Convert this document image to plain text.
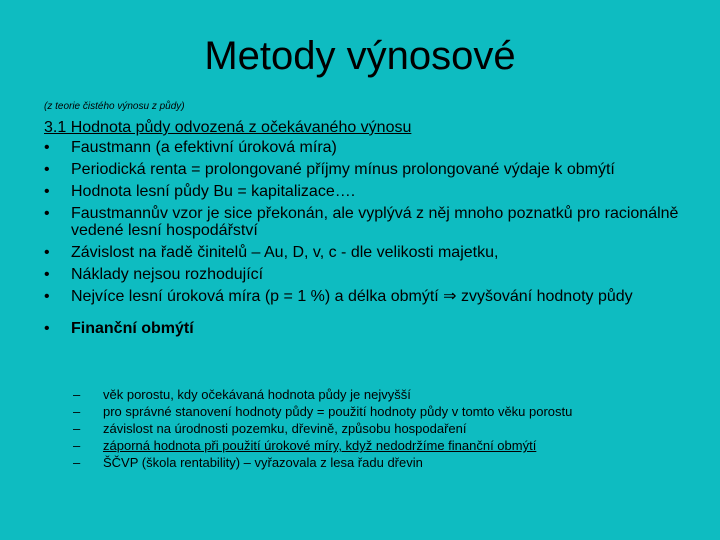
Metody výnosové
(z teorie čistého výnosu z půdy)
3.1 Hodnota půdy odvozená z očekávaného výnosu
• Faustmann (a efektivní úroková míra)
• Periodická renta = prolongované příjmy mínus prolongované výdaje k obmýtí
• Hodnota lesní půdy Bu = kapitalizace….
• Faustmannův vzor je sice překonán, ale vyplývá z něj mnoho poznatků pro racionálně vedené lesní hospodářství
• Závislost na řadě činitelů – Au, D, v, c - dle velikosti majetku,
• Náklady nejsou rozhodující
• Nejvíce lesní úroková míra (p = 1 %) a délka obmýtí ⇒ zvyšování hodnoty půdy
• Finanční obmýtí
– věk porostu, kdy očekávaná hodnota půdy je nejvyšší
– pro správné stanovení hodnoty půdy = použití hodnoty půdy v tomto věku porostu
– závislost na úrodnosti pozemku, dřevině, způsobu hospodaření
– záporná hodnota při použití úrokové míry, když nedodržíme finanční obmýtí
– ŠČVP (škola rentability) – vyřazovala z lesa řadu dřevin
